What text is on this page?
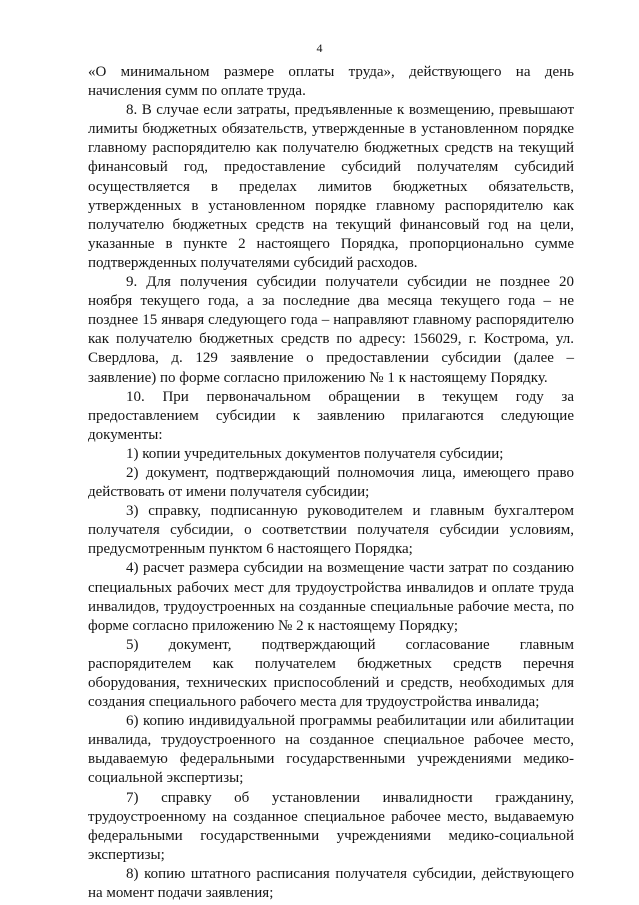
4

«О минимальном размере оплаты труда», действующего на день начисления сумм по оплате труда.

8. В случае если затраты, предъявленные к возмещению, превышают лимиты бюджетных обязательств, утвержденные в установленном порядке главному распорядителю как получателю бюджетных средств на текущий финансовый год, предоставление субсидий получателям субсидий осуществляется в пределах лимитов бюджетных обязательств, утвержденных в установленном порядке главному распорядителю как получателю бюджетных средств на текущий финансовый год на цели, указанные в пункте 2 настоящего Порядка, пропорционально сумме подтвержденных получателями субсидий расходов.

9. Для получения субсидии получатели субсидии не позднее 20 ноября текущего года, а за последние два месяца текущего года – не позднее 15 января следующего года – направляют главному распорядителю как получателю бюджетных средств по адресу: 156029, г. Кострома, ул. Свердлова, д. 129 заявление о предоставлении субсидии (далее – заявление) по форме согласно приложению № 1 к настоящему Порядку.

10. При первоначальном обращении в текущем году за предоставлением субсидии к заявлению прилагаются следующие документы:

1) копии учредительных документов получателя субсидии;

2) документ, подтверждающий полномочия лица, имеющего право действовать от имени получателя субсидии;

3) справку, подписанную руководителем и главным бухгалтером получателя субсидии, о соответствии получателя субсидии условиям, предусмотренным пунктом 6 настоящего Порядка;

4) расчет размера субсидии на возмещение части затрат по созданию специальных рабочих мест для трудоустройства инвалидов и оплате труда инвалидов, трудоустроенных на созданные специальные рабочие места, по форме согласно приложению № 2 к настоящему Порядку;

5) документ, подтверждающий согласование главным распорядителем как получателем бюджетных средств перечня оборудования, технических приспособлений и средств, необходимых для создания специального рабочего места для трудоустройства инвалида;

6) копию индивидуальной программы реабилитации или абилитации инвалида, трудоустроенного на созданное специальное рабочее место, выдаваемую федеральными государственными учреждениями медико-социальной экспертизы;

7) справку об установлении инвалидности гражданину, трудоустроенному на созданное специальное рабочее место, выдаваемую федеральными государственными учреждениями медико-социальной экспертизы;

8) копию штатного расписания получателя субсидии, действующего на момент подачи заявления;
